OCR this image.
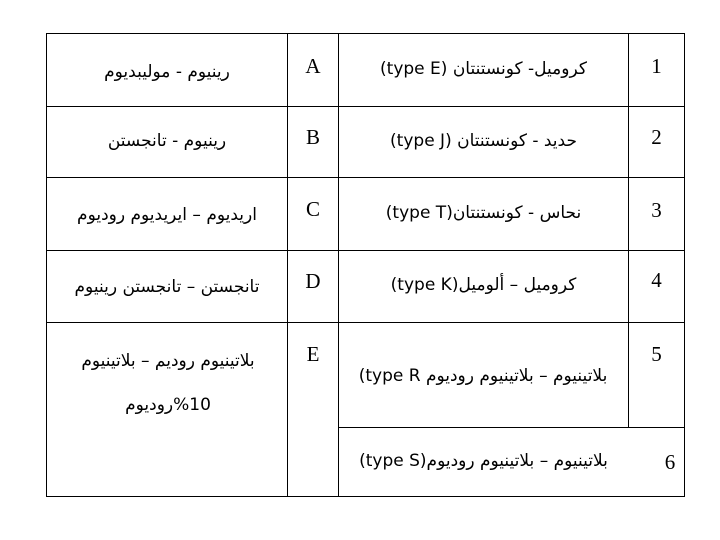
1
كروميل- كونستنتان (type E)
A
رينيوم - موليبديوم
2
حديد - كونستنتان (type J)
B
رينيوم - تانجستن
3
نحاس - كونستنتان(type T)
C
اريديوم – ايريديوم روديوم
4
كروميل – ألوميل(type K)
D
تانجستن – تانجستن رينيوم
5
بلاتينيوم – بلاتينيوم روديوم type R)
E
بلاتينيوم روديم – بلاتينيوم 10%روديوم
6
بلاتينيوم – بلاتينيوم روديوم(type S)
